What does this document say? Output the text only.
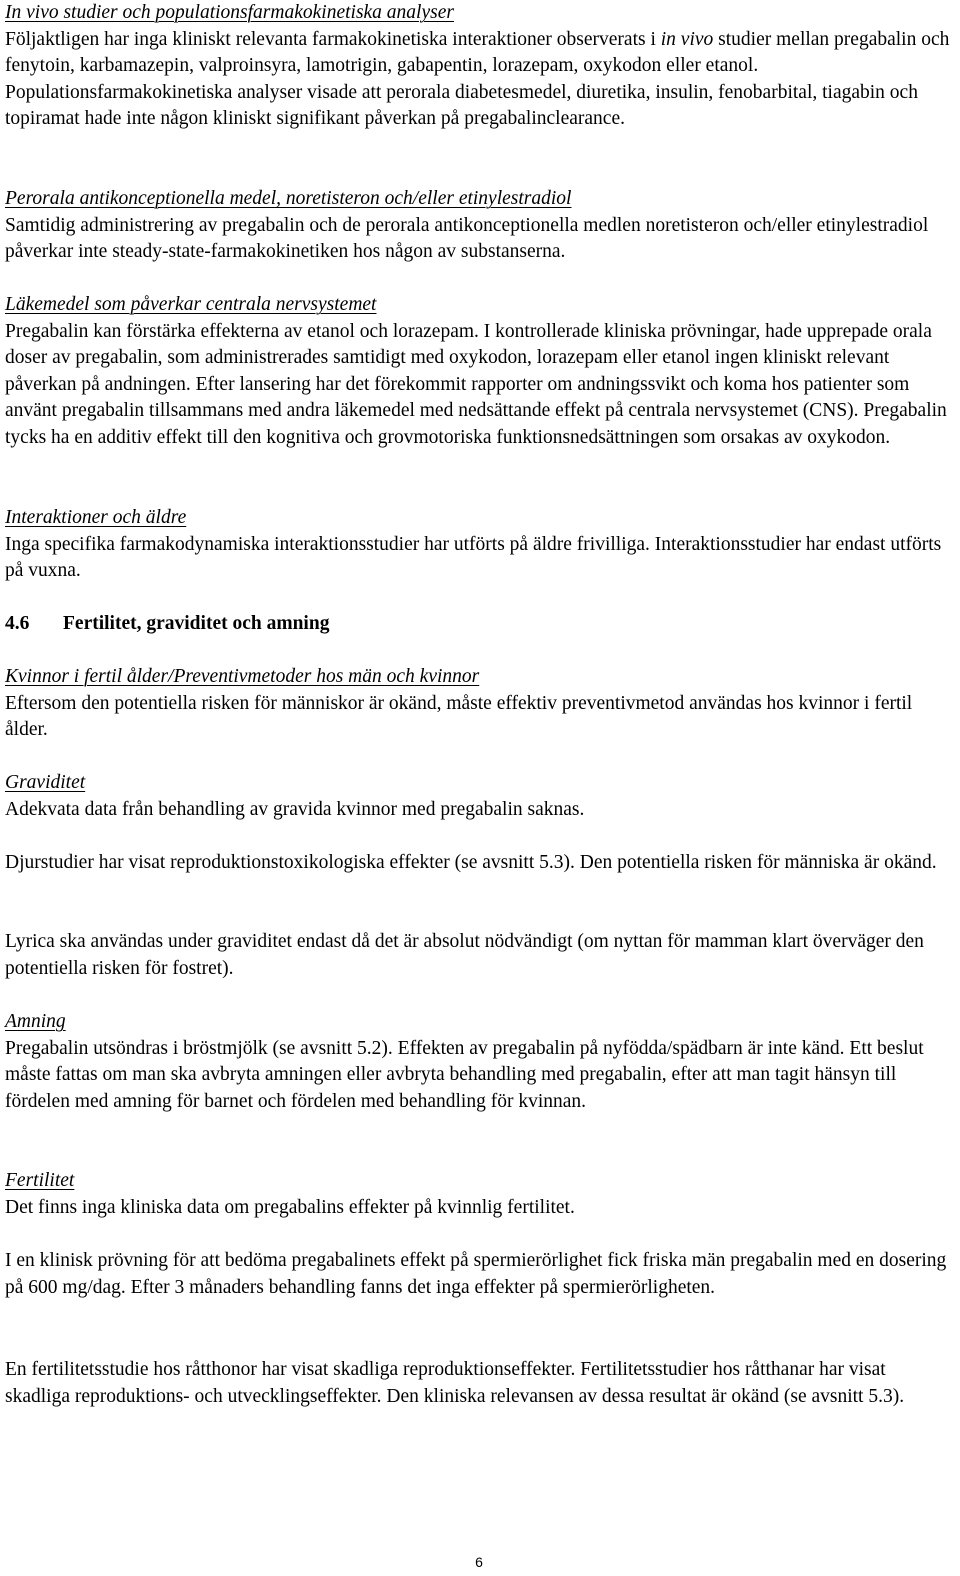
In vivo studier och populationsfarmakokinetiska analyser

Följaktligen har inga kliniskt relevanta farmakokinetiska interaktioner observerats i in vivo studier mellan pregabalin och fenytoin, karbamazepin, valproinsyra, lamotrigin, gabapentin, lorazepam, oxykodon eller etanol. Populationsfarmakokinetiska analyser visade att perorala diabetesmedel, diuretika, insulin, fenobarbital, tiagabin och topiramat hade inte någon kliniskt signifikant påverkan på pregabalinclearance.

Perorala antikonceptionella medel, noretisteron och/eller etinylestradiol

Samtidig administrering av pregabalin och de perorala antikonceptionella medlen noretisteron och/eller etinylestradiol påverkar inte steady-state-farmakokinetiken hos någon av substanserna.

Läkemedel som påverkar centrala nervsystemet

Pregabalin kan förstärka effekterna av etanol och lorazepam. I kontrollerade kliniska prövningar, hade upprepade orala doser av pregabalin, som administrerades samtidigt med oxykodon, lorazepam eller etanol ingen kliniskt relevant påverkan på andningen. Efter lansering har det förekommit rapporter om andningssvikt och koma hos patienter som använt pregabalin tillsammans med andra läkemedel med nedsättande effekt på centrala nervsystemet (CNS). Pregabalin tycks ha en additiv effekt till den kognitiva och grovmotoriska funktionsnedsättningen som orsakas av oxykodon.

Interaktioner och äldre

Inga specifika farmakodynamiska interaktionsstudier har utförts på äldre frivilliga. Interaktionsstudier har endast utförts på vuxna.

4.6 Fertilitet, graviditet och amning
Kvinnor i fertil ålder/Preventivmetoder hos män och kvinnor

Eftersom den potentiella risken för människor är okänd, måste effektiv preventivmetod användas hos kvinnor i fertil ålder.

Graviditet

Adekvata data från behandling av gravida kvinnor med pregabalin saknas.

Djurstudier har visat reproduktionstoxikologiska effekter (se avsnitt 5.3). Den potentiella risken för människa är okänd.

Lyrica ska användas under graviditet endast då det är absolut nödvändigt (om nyttan för mamman klart överväger den potentiella risken för fostret).

Amning

Pregabalin utsöndras i bröstmjölk (se avsnitt 5.2). Effekten av pregabalin på nyfödda/spädbarn är inte känd. Ett beslut måste fattas om man ska avbryta amningen eller avbryta behandling med pregabalin, efter att man tagit hänsyn till fördelen med amning för barnet och fördelen med behandling för kvinnan.

Fertilitet

Det finns inga kliniska data om pregabalins effekter på kvinnlig fertilitet.

I en klinisk prövning för att bedöma pregabalinets effekt på spermierörlighet fick friska män pregabalin med en dosering på 600 mg/dag. Efter 3 månaders behandling fanns det inga effekter på spermierörligheten.

En fertilitetsstudie hos råtthonor har visat skadliga reproduktionseffekter. Fertilitetsstudier hos råtthanar har visat skadliga reproduktions- och utvecklingseffekter. Den kliniska relevansen av dessa resultat är okänd (se avsnitt 5.3).

6
